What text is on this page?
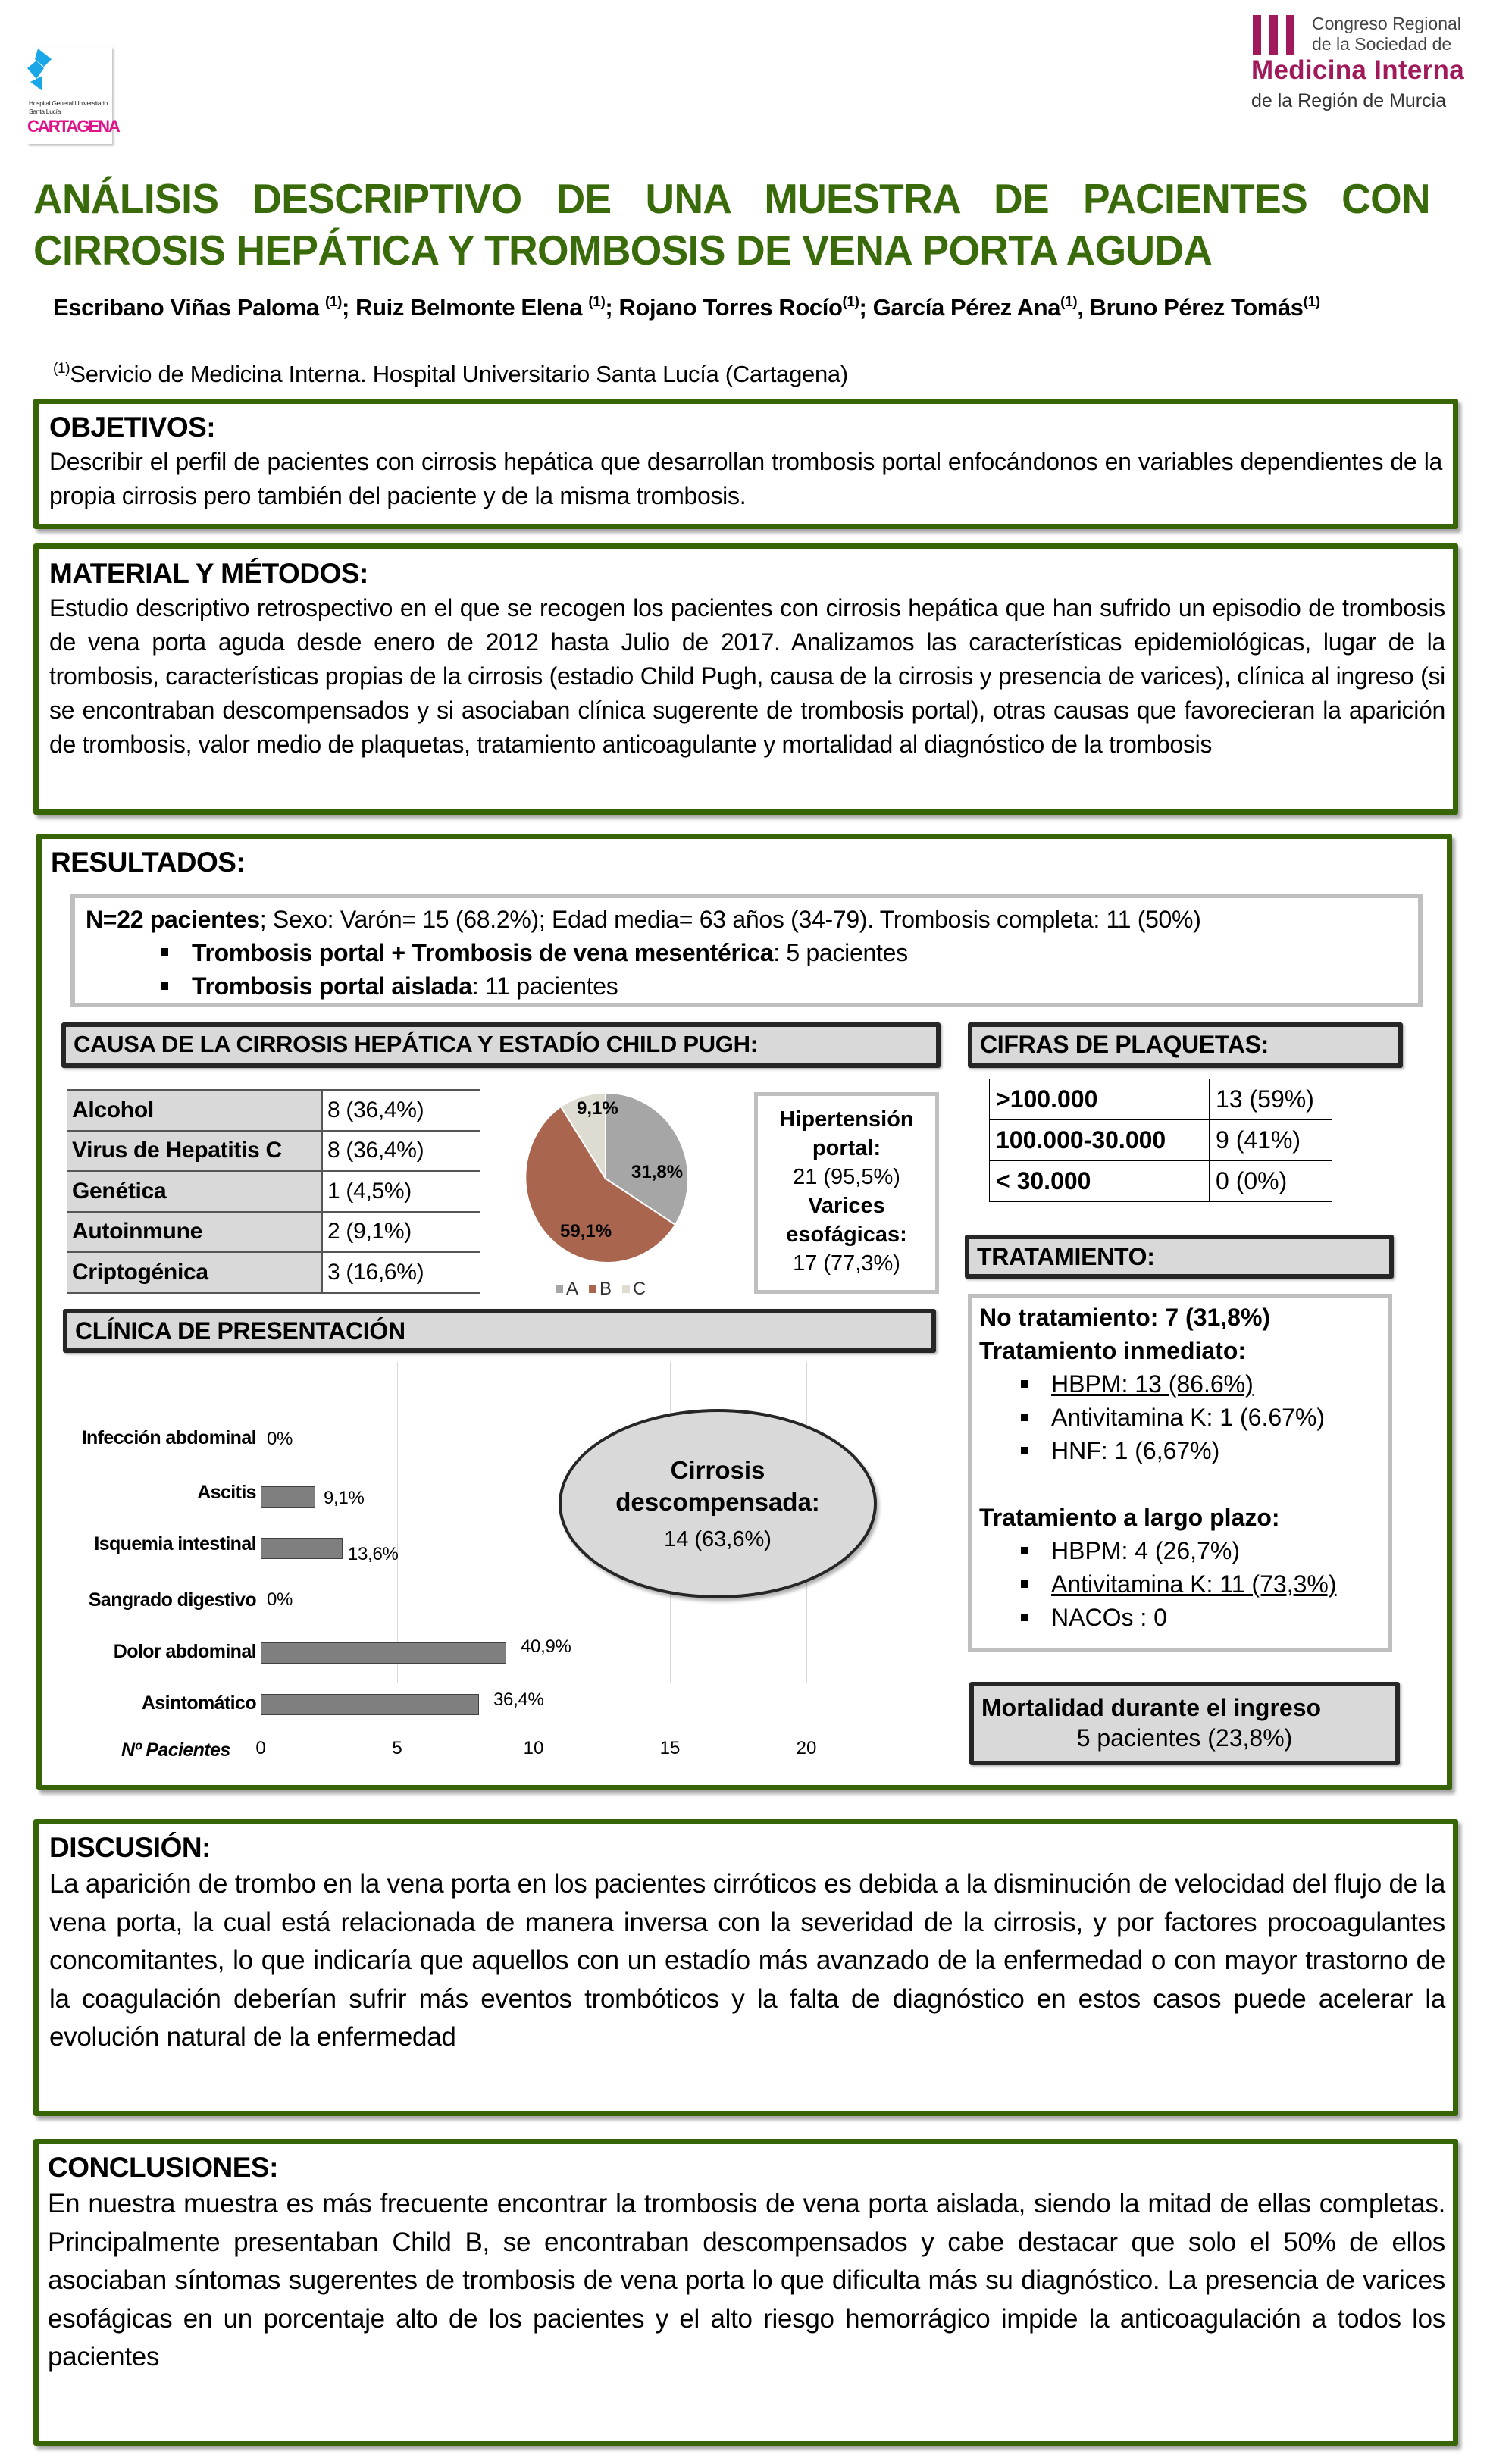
Hospital General Universitario
Santa Lucía
CARTAGENA
Congreso Regional
de la Sociedad de
Medicina Interna
de la Región de Murcia
ANÁLISIS DESCRIPTIVO DE UNA MUESTRA DE PACIENTES CON CIRROSIS HEPÁTICA Y TROMBOSIS DE VENA PORTA AGUDA
Escribano Viñas Paloma $^{(1)}$; Ruiz Belmonte Elena $^{(1)}$; Rojano Torres Rocío$^{(1)}$; García Pérez Ana$^{(1)}$, Bruno Pérez Tomás$^{(1)}$
$^{(1)}$Servicio de Medicina Interna. Hospital Universitario Santa Lucía (Cartagena)
OBJETIVOS:
Describir el perfil de pacientes con cirrosis hepática que desarrollan trombosis portal enfocándonos en variables dependientes de la propia cirrosis pero también del paciente y de la misma trombosis.
MATERIAL Y MÉTODOS:
Estudio descriptivo retrospectivo en el que se recogen los pacientes con cirrosis hepática que han sufrido un episodio de trombosis de vena porta aguda desde enero de 2012 hasta Julio de 2017. Analizamos las características epidemiológicas, lugar de la trombosis, características propias de la cirrosis (estadio Child Pugh, causa de la cirrosis y presencia de varices), clínica al ingreso (si se encontraban descompensados y si asociaban clínica sugerente de trombosis portal), otras causas que favorecieran la aparición de trombosis, valor medio de plaquetas, tratamiento anticoagulante y mortalidad al diagnóstico de la trombosis
RESULTADOS:
N=22 pacientes; Sexo: Varón= 15 (68.2%); Edad media= 63 años (34-79). Trombosis completa: 11 (50%)
Trombosis portal + Trombosis de vena mesentérica: 5 pacientes
Trombosis portal aislada: 11 pacientes
CAUSA DE LA CIRROSIS HEPÁTICA Y ESTADÍO CHILD PUGH:
Alcohol	8 (36,4%)
Virus de Hepatitis C	8 (36,4%)
Genética	1 (4,5%)
Autoinmune	2 (9,1%)
Criptogénica	3 (16,6%)
9,1%
31,8%
59,1%
A	B	C
Hipertensión
portal:
21 (95,5%)
Varices
esofágicas:
17 (77,3%)
CIFRAS DE PLAQUETAS:
>100.000	13 (59%)
100.000-30.000	9 (41%)
< 30.000	0 (0%)
TRATAMIENTO:
No tratamiento: 7 (31,8%)
Tratamiento inmediato:
HBPM: 13 (86.6%)
Antivitamina K: 1 (6.67%)
HNF: 1 (6,67%)
Tratamiento a largo plazo:
HBPM: 4 (26,7%)
Antivitamina K: 11 (73,3%)
NACOs : 0
Mortalidad durante el ingreso
5 pacientes (23,8%)
CLÍNICA DE PRESENTACIÓN
Infección abdominal 0%
Ascitis	9,1%
Isquemia intestinal	13,6%
Sangrado digestivo 0%
Dolor abdominal	40,9%
Asintomático	36,4%
Nº Pacientes 0	5	10	15	20
Cirrosis
descompensada:
14 (63,6%)
DISCUSIÓN:
La aparición de trombo en la vena porta en los pacientes cirróticos es debida a la disminución de velocidad del flujo de la vena porta, la cual está relacionada de manera inversa con la severidad de la cirrosis, y por factores procoagulantes concomitantes, lo que indicaría que aquellos con un estadío más avanzado de la enfermedad o con mayor trastorno de la coagulación deberían sufrir más eventos trombóticos y la falta de diagnóstico en estos casos puede acelerar la evolución natural de la enfermedad
CONCLUSIONES:
En nuestra muestra es más frecuente encontrar la trombosis de vena porta aislada, siendo la mitad de ellas completas. Principalmente presentaban Child B, se encontraban descompensados y cabe destacar que solo el 50% de ellos asociaban síntomas sugerentes de trombosis de vena porta lo que dificulta más su diagnóstico. La presencia de varices esofágicas en un porcentaje alto de los pacientes y el alto riesgo hemorrágico impide la anticoagulación a todos los pacientes
